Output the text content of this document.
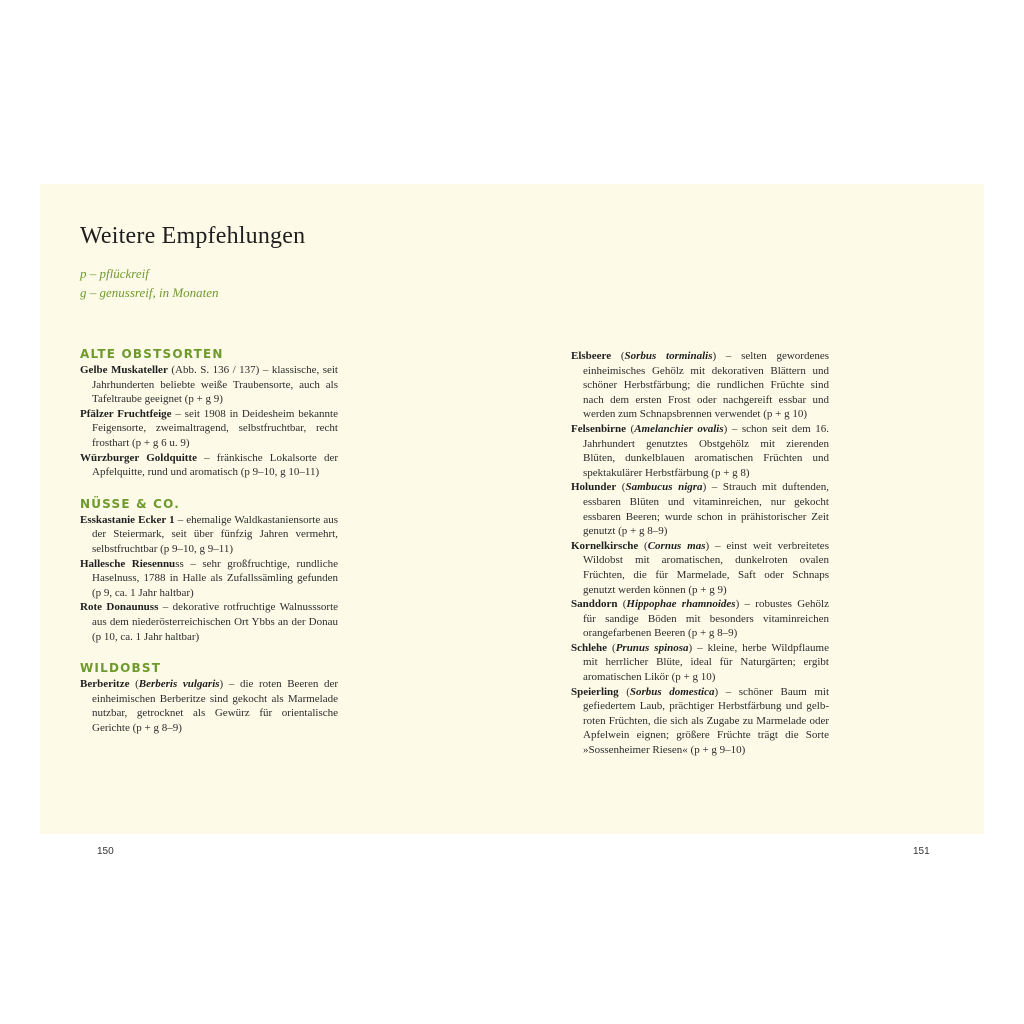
Weitere Empfehlungen
p – pflückreif
g – genussreif, in Monaten
ALTE OBSTSORTEN
Gelbe Muskateller (Abb. S. 136 / 137) – klassische, seit Jahrhunderten beliebte weiße Traubensorte, auch als Tafeltraube geeignet (p + g 9)
Pfälzer Fruchtfeige – seit 1908 in Deidesheim bekannte Feigensorte, zweimaltragend, selbstfruchtbar, recht frosthart (p + g 6 u. 9)
Würzburger Goldquitte – fränkische Lokalsorte der Apfelquitte, rund und aromatisch (p 9–10, g 10–11)
NÜSSE & CO.
Esskastanie Ecker 1 – ehemalige Waldkastaniensorte aus der Steiermark, seit über fünfzig Jahren vermehrt, selbstfruchtbar (p 9–10, g 9–11)
Hallesche Riesennuss – sehr großfruchtige, rundliche Haselnuss, 1788 in Halle als Zufallssämling gefunden (p 9, ca. 1 Jahr haltbar)
Rote Donaunuss – dekorative rotfruchtige Walnusssorte aus dem niederösterreichischen Ort Ybbs an der Donau (p 10, ca. 1 Jahr haltbar)
WILDOBST
Berberitze (Berberis vulgaris) – die roten Beeren der einheimischen Berberitze sind gekocht als Marmelade nutzbar, getrocknet als Gewürz für orientalische Gerichte (p + g 8–9)
Elsbeere (Sorbus torminalis) – selten gewordenes einheimisches Gehölz mit dekorativen Blättern und schöner Herbstfärbung; die rundlichen Früchte sind nach dem ersten Frost oder nachgereift essbar und werden zum Schnapsbrennen verwendet (p + g 10)
Felsenbirne (Amelanchier ovalis) – schon seit dem 16. Jahrhundert genutztes Obstgehölz mit zierenden Blüten, dunkelblauen aromatischen Früchten und spektakulärer Herbstfärbung (p + g 8)
Holunder (Sambucus nigra) – Strauch mit duftenden, essbaren Blüten und vitaminreichen, nur gekocht essbaren Beeren; wurde schon in prähistorischer Zeit genutzt (p + g 8–9)
Kornelkirsche (Cornus mas) – einst weit verbreitetes Wildobst mit aromatischen, dunkelroten ovalen Früchten, die für Marmelade, Saft oder Schnaps genutzt werden können (p + g 9)
Sanddorn (Hippophae rhamnoides) – robustes Gehölz für sandige Böden mit besonders vitaminreichen orangefarbenen Beeren (p + g 8–9)
Schlehe (Prunus spinosa) – kleine, herbe Wildpflaume mit herrlicher Blüte, ideal für Naturgärten; ergibt aromatischen Likör (p + g 10)
Speierling (Sorbus domestica) – schöner Baum mit gefiedertem Laub, prächtiger Herbstfärbung und gelb-roten Früchten, die sich als Zugabe zu Marmelade oder Apfelwein eignen; größere Früchte trägt die Sorte »Sossenheimer Riesen« (p + g 9–10)
150	151
